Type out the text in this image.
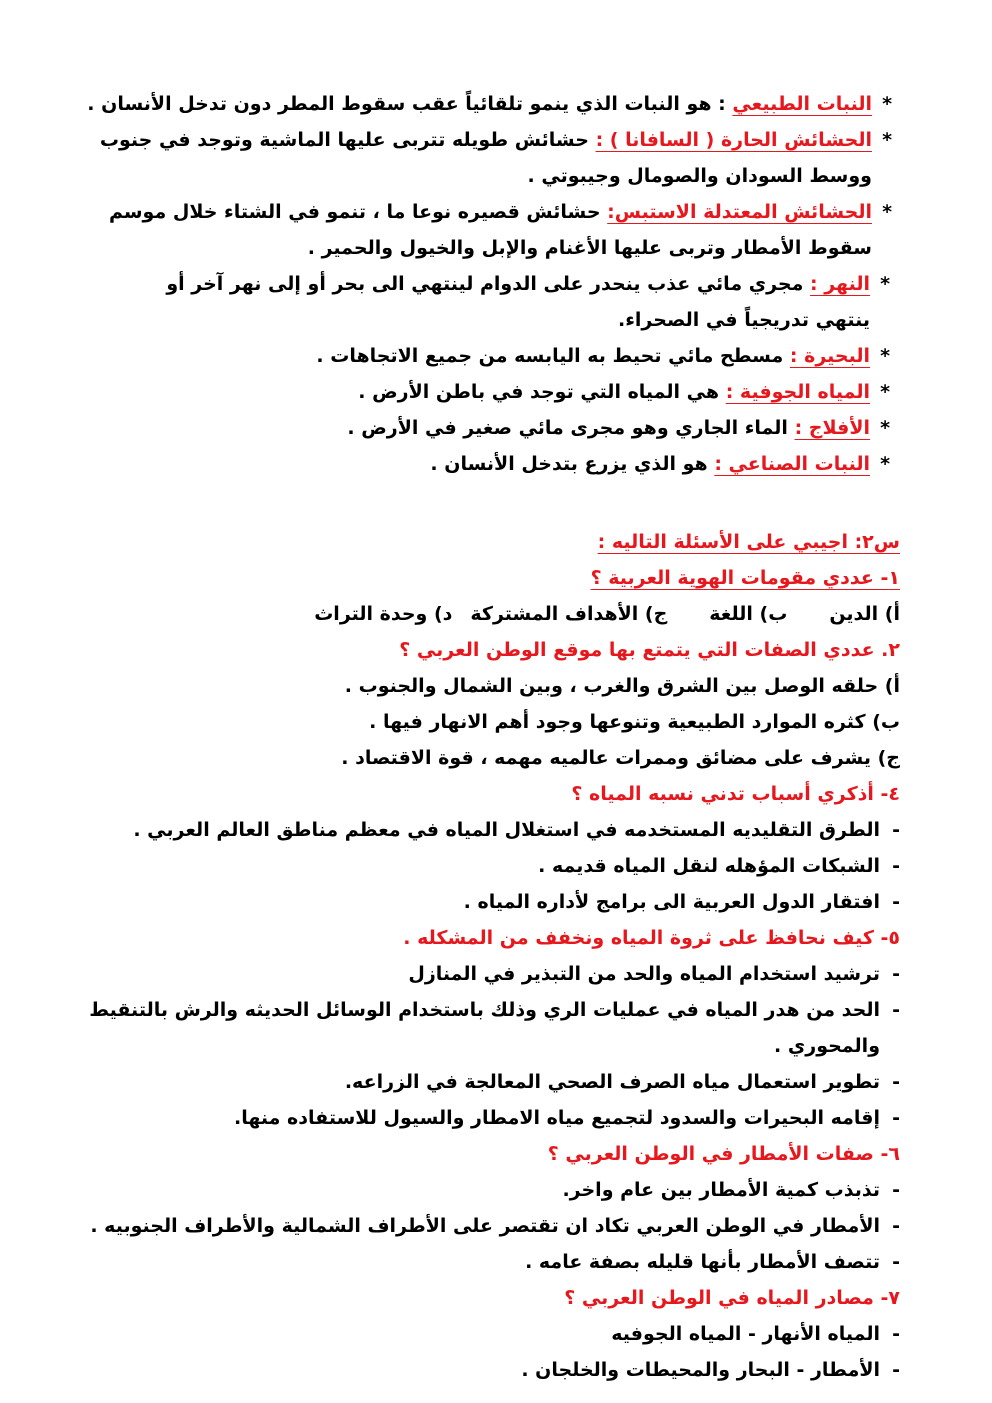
*النبات الطبيعي : هو النبات الذي ينمو تلقائياً عقب سقوط المطر دون تدخل الأنسان .
*الحشائش الحارة ( السافانا ) : حشائش طويله تتربى عليها الماشية وتوجد في جنوب
ووسط السودان والصومال وجيبوتي .
*الحشائش المعتدلة الاستبس: حشائش قصيره نوعا ما ، تنمو في الشتاء خلال موسم
سقوط الأمطار وتربى عليها الأغنام والإبل والخيول والحمير .
*النهر : مجري مائي عذب ينحدر على الدوام لينتهي الى بحر أو إلى نهر آخر أو
ينتهي تدريجياً في الصحراء.
*البحيرة : مسطح مائي تحيط به اليابسه من جميع الاتجاهات .
*المياه الجوفية : هي المياه التي توجد في باطن الأرض .
*الأفلاج : الماء الجاري وهو مجرى مائي صغير في الأرض .
*النبات الصناعي : هو الذي يزرع بتدخل الأنسان .
س٢: اجيبي على الأسئلة التاليه :
١- عددي مقومات الهوية العربية ؟
أ) الدينب) اللغةج) الأهداف المشتركةد) وحدة التراث
٢. عددي الصفات التي يتمتع بها موقع الوطن العربي ؟
أ) حلقه الوصل بين الشرق والغرب ، وبين الشمال والجنوب .
ب) كثره الموارد الطبيعية وتنوعها وجود أهم الانهار فيها .
ج) يشرف على مضائق وممرات عالميه مهمه ، قوة الاقتصاد .
٤- أذكري أسباب تدني نسبه المياه ؟
-الطرق التقليديه المستخدمه في استغلال المياه في معظم مناطق العالم العربي .
-الشبكات المؤهله لنقل المياه قديمه .
-افتقار الدول العربية الى برامج لأداره المياه .
٥- كيف نحافظ على ثروة المياه ونخفف من المشكله .
-ترشيد استخدام المياه والحد من التبذير في المنازل
-الحد من هدر المياه في عمليات الري وذلك باستخدام الوسائل الحديثه والرش بالتنقيط
والمحوري .
-تطوير استعمال مياه الصرف الصحي المعالجة في الزراعه.
-إقامه البحيرات والسدود لتجميع مياه الامطار والسيول للاستفاده منها.
٦- صفات الأمطار في الوطن العربي ؟
-تذبذب كمية الأمطار بين عام واخر.
-الأمطار في الوطن العربي تكاد ان تقتصر على الأطراف الشمالية والأطراف الجنوبيه .
-تتصف الأمطار بأنها قليله بصفة عامه .
٧- مصادر المياه في الوطن العربي ؟
-المياه الأنهار - المياه الجوفيه
-الأمطار - البحار والمحيطات والخلجان .
